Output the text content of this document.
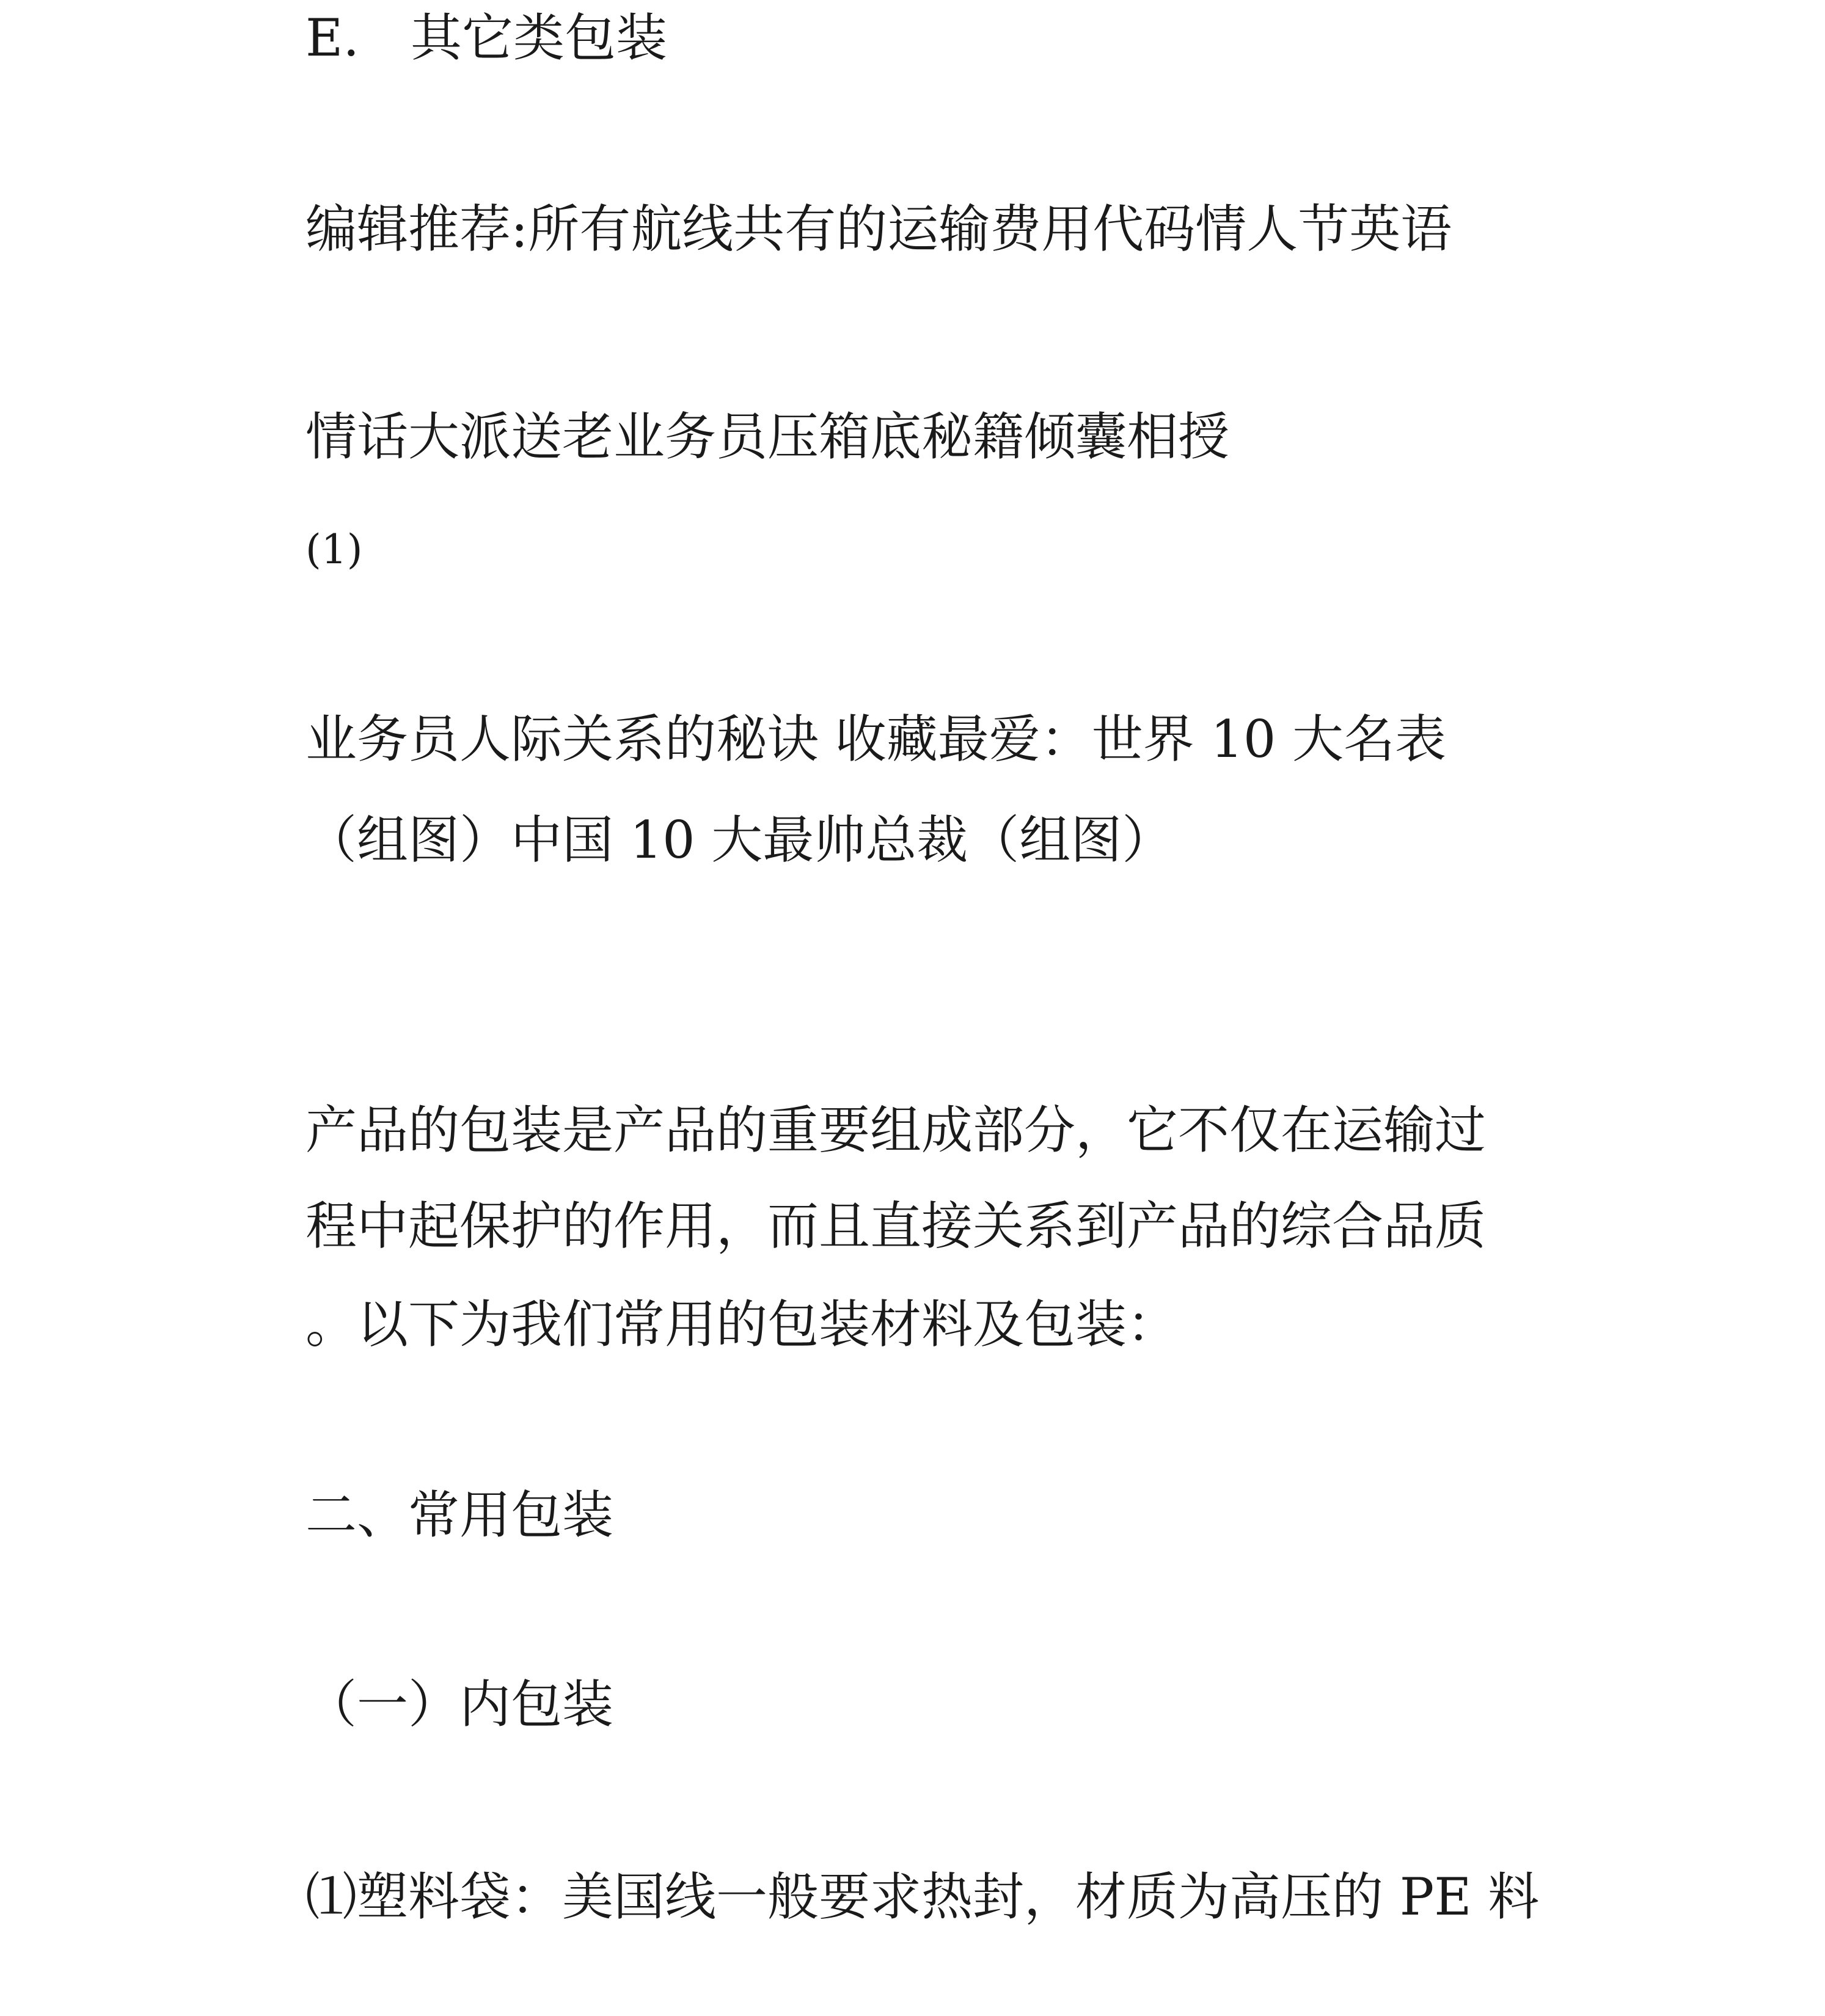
E.　其它类包装

编辑推荐:所有航线共有的运输费用代码情人节英语

情话大派送老业务员压箱底秘籍倾囊相授

(1)

业务员人际关系的秘诀 收藏最爱：世界 10 大名表

（组图）中国 10 大最帅总裁（组图）

产品的包装是产品的重要组成部分，它不仅在运输过

程中起保护的作用，而且直接关系到产品的综合品质

。以下为我们常用的包装材料及包装：

二、常用包装
（一）内包装

⑴塑料袋：美国线一般要求热封，材质为高压的 PE 料
